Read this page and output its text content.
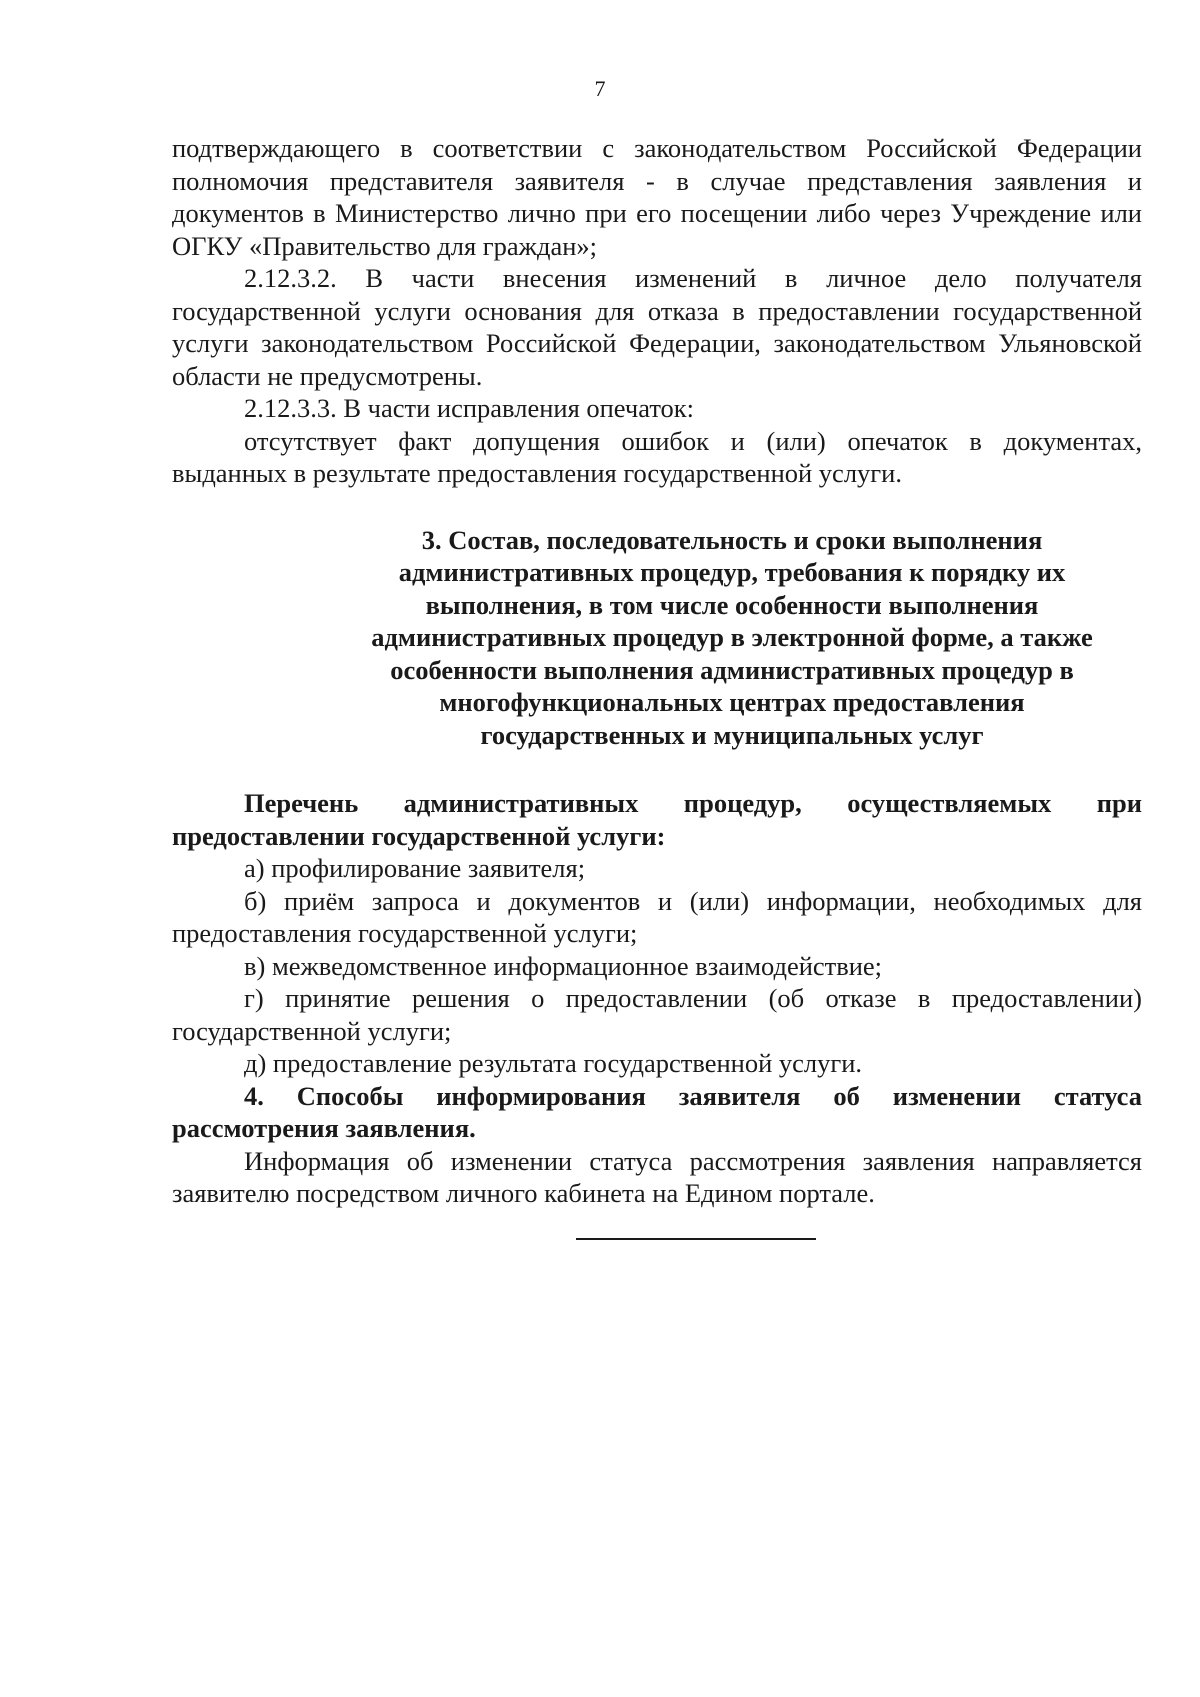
7

подтверждающего в соответствии с законодательством Российской Федерации полномочия представителя заявителя - в случае представления заявления и документов в Министерство лично при его посещении либо через Учреждение или ОГКУ «Правительство для граждан»;

2.12.3.2. В части внесения изменений в личное дело получателя государственной услуги основания для отказа в предоставлении государственной услуги законодательством Российской Федерации, законодательством Ульяновской области не предусмотрены.

2.12.3.3. В части исправления опечаток:

отсутствует факт допущения ошибок и (или) опечаток в документах, выданных в результате предоставления государственной услуги.

3. Состав, последовательность и сроки выполнения
административных процедур, требования к порядку их
выполнения, в том числе особенности выполнения
административных процедур в электронной форме, а также
особенности выполнения административных процедур в
многофункциональных центрах предоставления
государственных и муниципальных услуг

Перечень административных процедур, осуществляемых при предоставлении государственной услуги:

а) профилирование заявителя;

б) приём запроса и документов и (или) информации, необходимых для предоставления государственной услуги;

в) межведомственное информационное взаимодействие;

г) принятие решения о предоставлении (об отказе в предоставлении) государственной услуги;

д) предоставление результата государственной услуги.

4. Способы информирования заявителя об изменении статуса рассмотрения заявления.

Информация об изменении статуса рассмотрения заявления направляется заявителю посредством личного кабинета на Едином портале.
